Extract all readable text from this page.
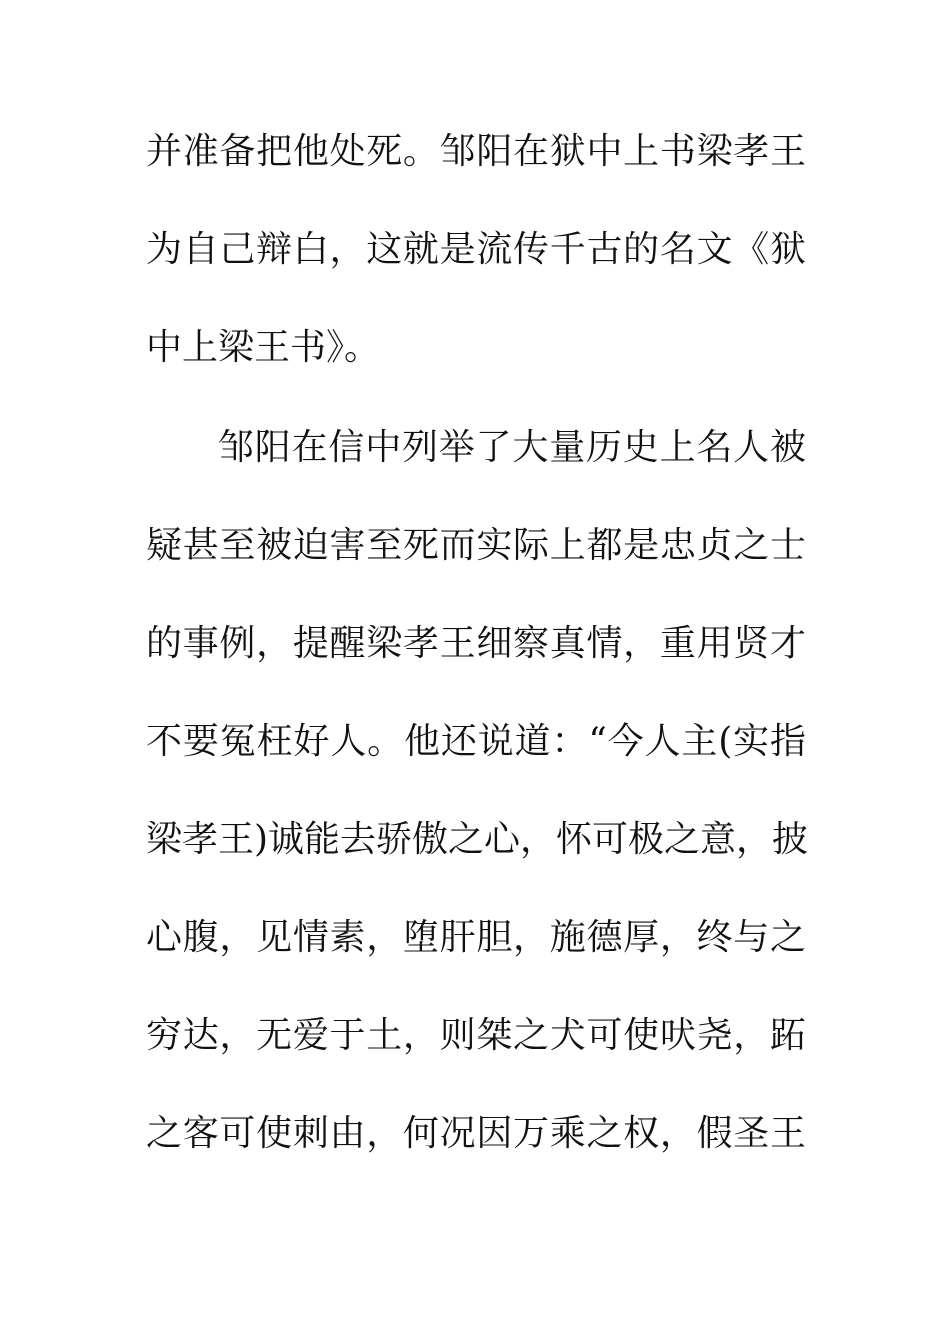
并准备把他处死。邹阳在狱中上书梁孝王
为自己辩白，这就是流传千古的名文《狱
中上梁王书》。
邹阳在信中列举了大量历史上名人被
疑甚至被迫害至死而实际上都是忠贞之士
的事例，提醒梁孝王细察真情，重用贤才
不要冤枉好人。他还说道：“今人主(实指
梁孝王)诚能去骄傲之心，怀可极之意，披
心腹，见情素，堕肝胆，施德厚，终与之
穷达，无爱于土，则桀之犬可使吠尧，跖
之客可使刺由，何况因万乘之权，假圣王
